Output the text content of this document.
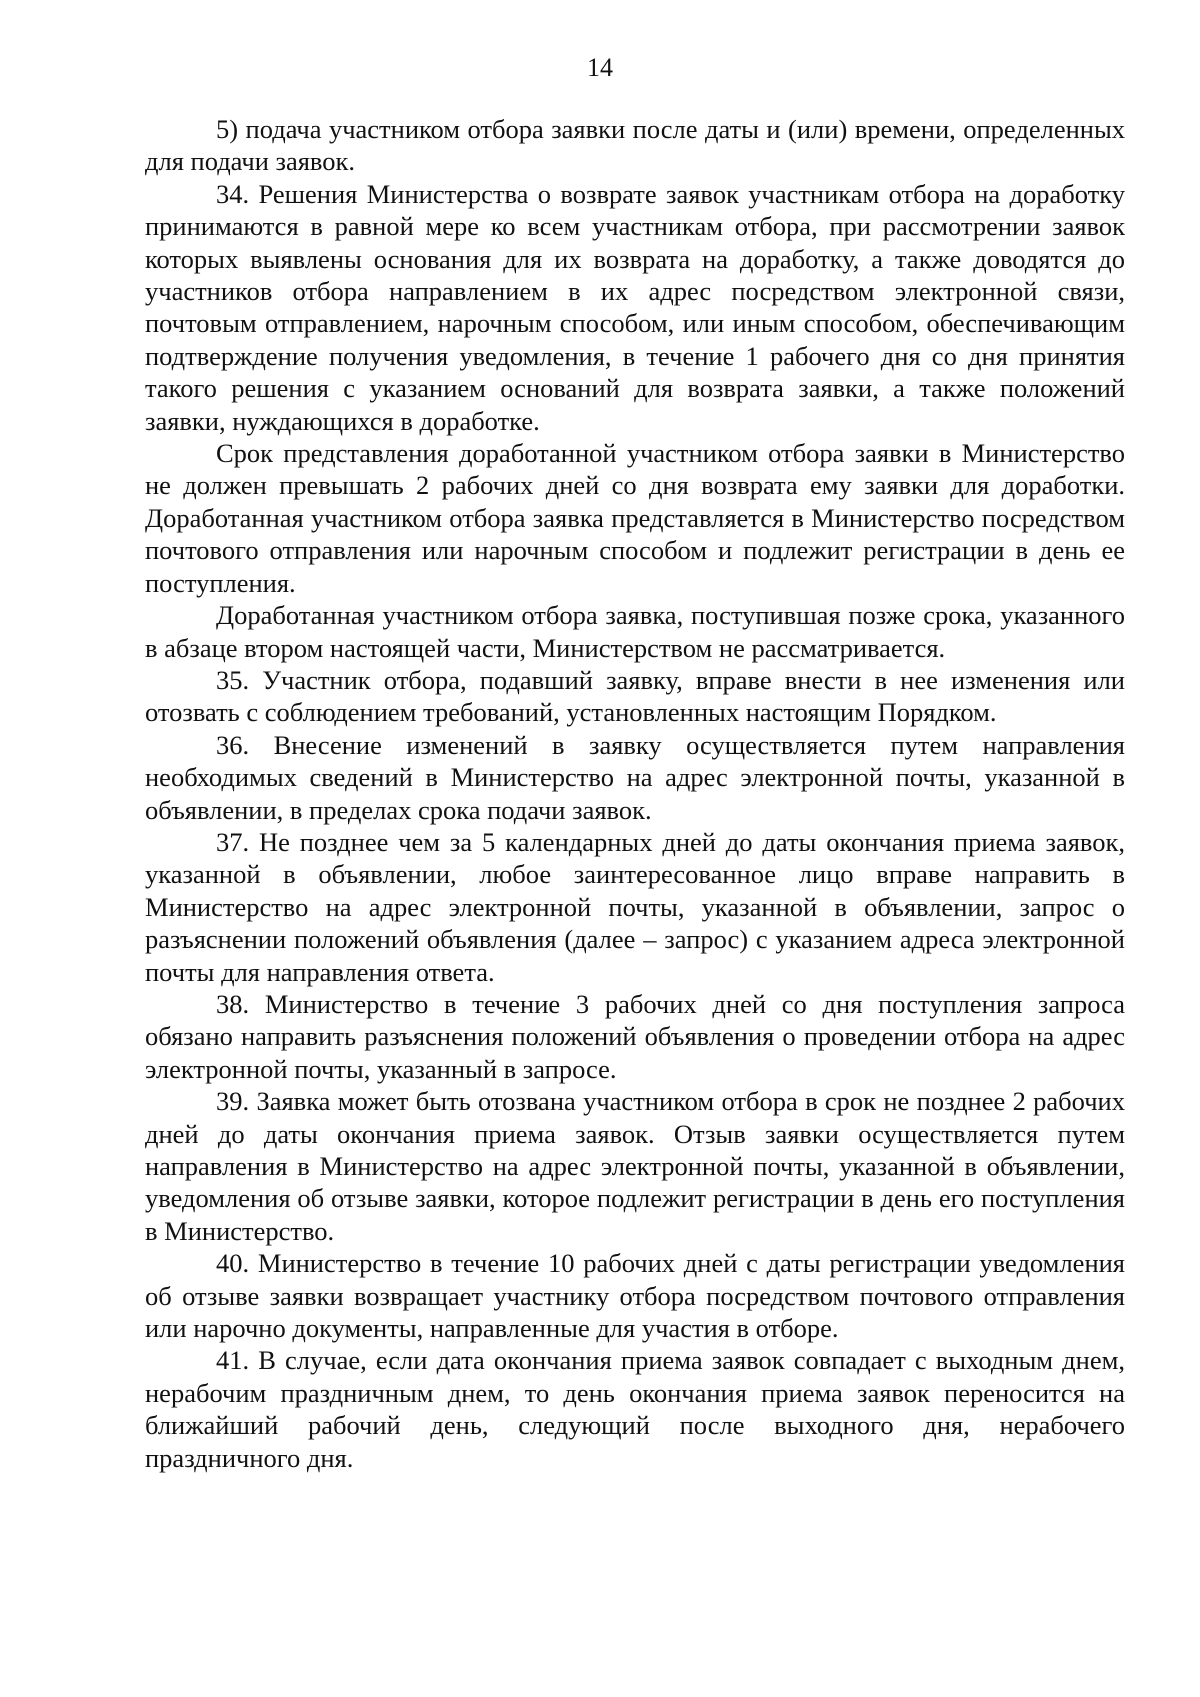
14

5) подача участником отбора заявки после даты и (или) времени, определенных для подачи заявок.

34. Решения Министерства о возврате заявок участникам отбора на доработку принимаются в равной мере ко всем участникам отбора, при рассмотрении заявок которых выявлены основания для их возврата на доработку, а также доводятся до участников отбора направлением в их адрес посредством электронной связи, почтовым отправлением, нарочным способом, или иным способом, обеспечивающим подтверждение получения уведомления, в течение 1 рабочего дня со дня принятия такого решения с указанием оснований для возврата заявки, а также положений заявки, нуждающихся в доработке.

Срок представления доработанной участником отбора заявки в Министерство не должен превышать 2 рабочих дней со дня возврата ему заявки для доработки. Доработанная участником отбора заявка представляется в Министерство посредством почтового отправления или нарочным способом и подлежит регистрации в день ее поступления.

Доработанная участником отбора заявка, поступившая позже срока, указанного в абзаце втором настоящей части, Министерством не рассматривается.

35. Участник отбора, подавший заявку, вправе внести в нее изменения или отозвать с соблюдением требований, установленных настоящим Порядком.

36. Внесение изменений в заявку осуществляется путем направления необходимых сведений в Министерство на адрес электронной почты, указанной в объявлении, в пределах срока подачи заявок.

37. Не позднее чем за 5 календарных дней до даты окончания приема заявок, указанной в объявлении, любое заинтересованное лицо вправе направить в Министерство на адрес электронной почты, указанной в объявлении, запрос о разъяснении положений объявления (далее – запрос) с указанием адреса электронной почты для направления ответа.

38. Министерство в течение 3 рабочих дней со дня поступления запроса обязано направить разъяснения положений объявления о проведении отбора на адрес электронной почты, указанный в запросе.

39. Заявка может быть отозвана участником отбора в срок не позднее 2 рабочих дней до даты окончания приема заявок. Отзыв заявки осуществляется путем направления в Министерство на адрес электронной почты, указанной в объявлении, уведомления об отзыве заявки, которое подлежит регистрации в день его поступления в Министерство.

40. Министерство в течение 10 рабочих дней с даты регистрации уведомления об отзыве заявки возвращает участнику отбора посредством почтового отправления или нарочно документы, направленные для участия в отборе.

41. В случае, если дата окончания приема заявок совпадает с выходным днем, нерабочим праздничным днем, то день окончания приема заявок переносится на ближайший рабочий день, следующий после выходного дня, нерабочего праздничного дня.
